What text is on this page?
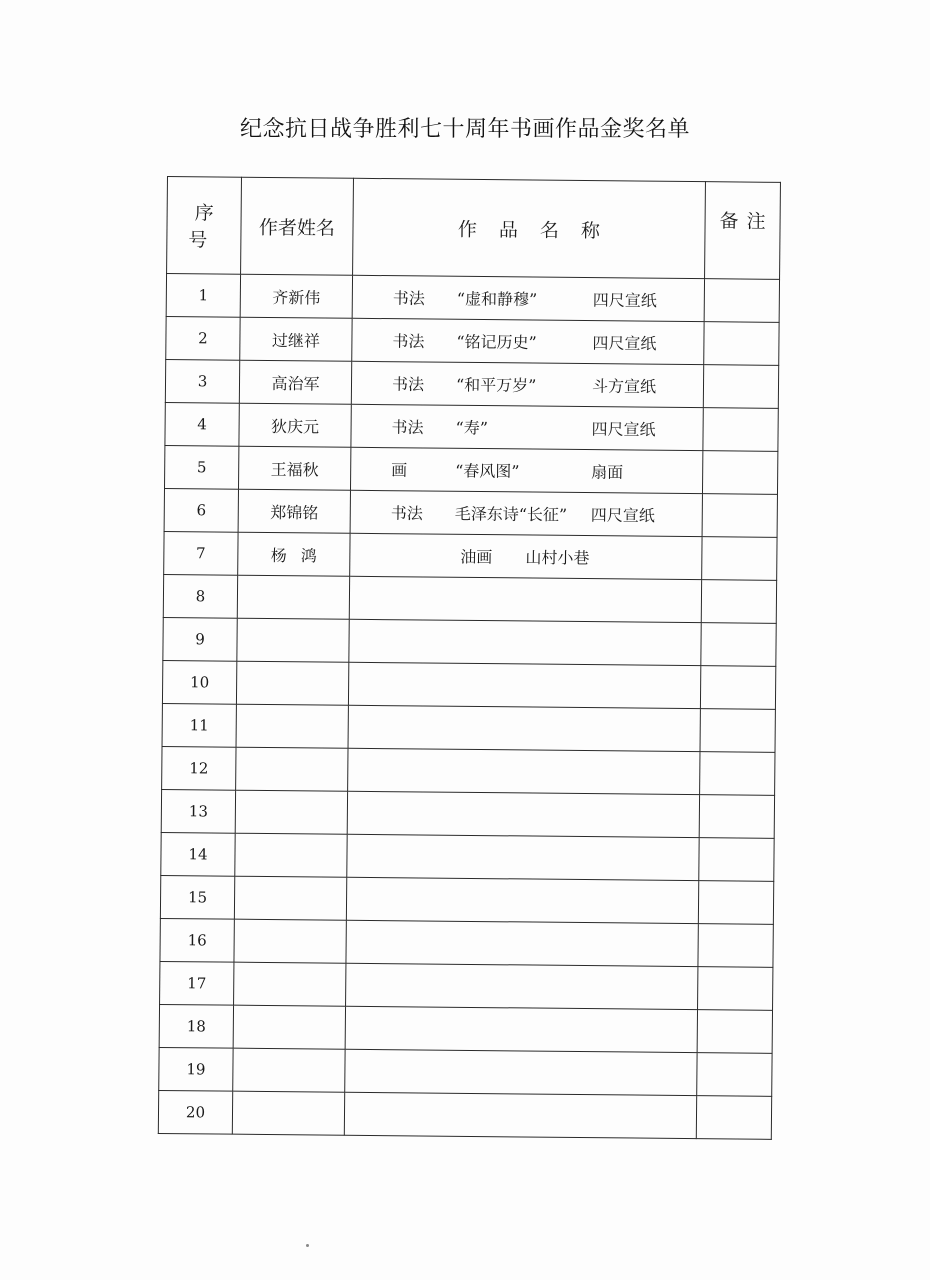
纪念抗日战争胜利七十周年书画作品金奖名单
序号	作者姓名	作品名称	备注
1	齐新伟	书法 “虚和静穆” 四尺宣纸	

2	过继祥	书法 “铭记历史” 四尺宣纸	

3	高治军	书法 “和平万岁” 斗方宣纸	

4	狄庆元	书法 “寿” 四尺宣纸	

5	王福秋	画 “春风图” 扇面	

6	郑锦铭	书法 毛泽东诗“长征” 四尺宣纸	

7	杨鸿	油画 山村小巷	

8			
9			
10			
11			
12			
13			
14			
15			
16			
17			
18			
19			
20			
